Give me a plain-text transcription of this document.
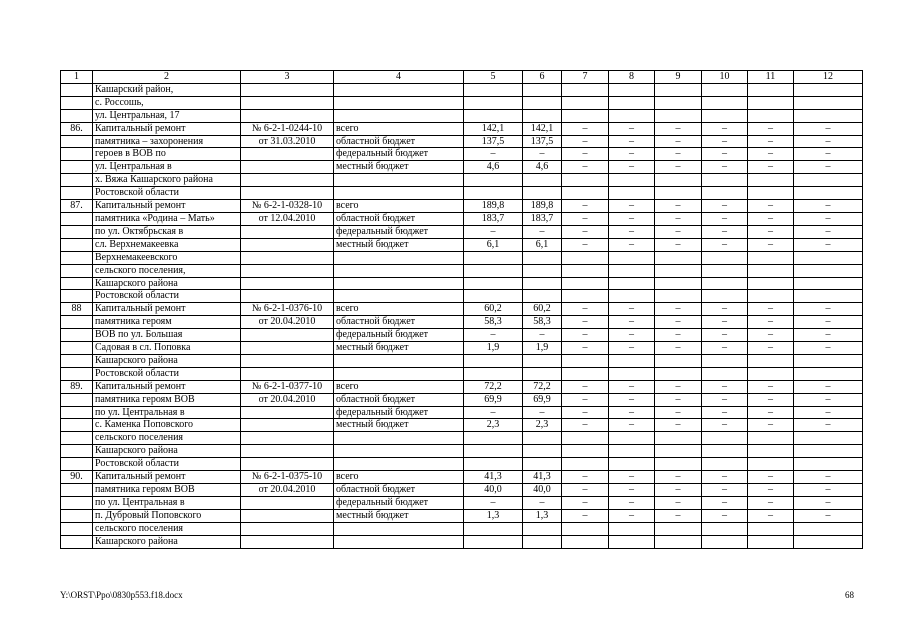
1	2	3	4	5	6	7	8	9	10	11	12
	Кашарский район,										
	с. Россошь,										
	ул. Центральная, 17										
86.	Капитальный ремонт	№ 6-2-1-0244-10	всего	142,1	142,1	–	–	–	–	–	–
	памятника – захоронения	от 31.03.2010	областной бюджет	137,5	137,5	–	–	–	–	–	–
	героев в ВОВ по		федеральный бюджет	–	–	–	–	–	–	–	–
	ул. Центральная в		местный бюджет	4,6	4,6	–	–	–	–	–	–
	х. Вяжа Кашарского района										
	Ростовской области										
87.	Капитальный ремонт	№ 6-2-1-0328-10	всего	189,8	189,8	–	–	–	–	–	–
	памятника «Родина – Мать»	от 12.04.2010	областной бюджет	183,7	183,7	–	–	–	–	–	–
	по ул. Октябрьская в		федеральный бюджет	–	–	–	–	–	–	–	–
	сл. Верхнемакеевка		местный бюджет	6,1	6,1	–	–	–	–	–	–
	Верхнемакеевского										
	сельского поселения,										
	Кашарского района										
	Ростовской области										
88	Капитальный ремонт	№ 6-2-1-0376-10	всего	60,2	60,2	–	–	–	–	–	–
	памятника героям	от 20.04.2010	областной бюджет	58,3	58,3	–	–	–	–	–	–
	ВОВ по ул. Большая		федеральный бюджет	–	–	–	–	–	–	–	–
	Садовая в сл. Поповка		местный бюджет	1,9	1,9	–	–	–	–	–	–
	Кашарского района										
	Ростовской области										
89.	Капитальный ремонт	№ 6-2-1-0377-10	всего	72,2	72,2	–	–	–	–	–	–
	памятника героям ВОВ	от 20.04.2010	областной бюджет	69,9	69,9	–	–	–	–	–	–
	по ул. Центральная в		федеральный бюджет	–	–	–	–	–	–	–	–
	с. Каменка Поповского		местный бюджет	2,3	2,3	–	–	–	–	–	–
	сельского поселения										
	Кашарского района										
	Ростовской области										
90.	Капитальный ремонт	№ 6-2-1-0375-10	всего	41,3	41,3	–	–	–	–	–	–
	памятника героям ВОВ	от 20.04.2010	областной бюджет	40,0	40,0	–	–	–	–	–	–
	по ул. Центральная в		федеральный бюджет	–	–	–	–	–	–	–	–
	п. Дубровый Поповского		местный бюджет	1,3	1,3	–	–	–	–	–	–
	сельского поселения										
	Кашарского района										
Y:\ORST\Ppo\0830p553.f18.docx	68
